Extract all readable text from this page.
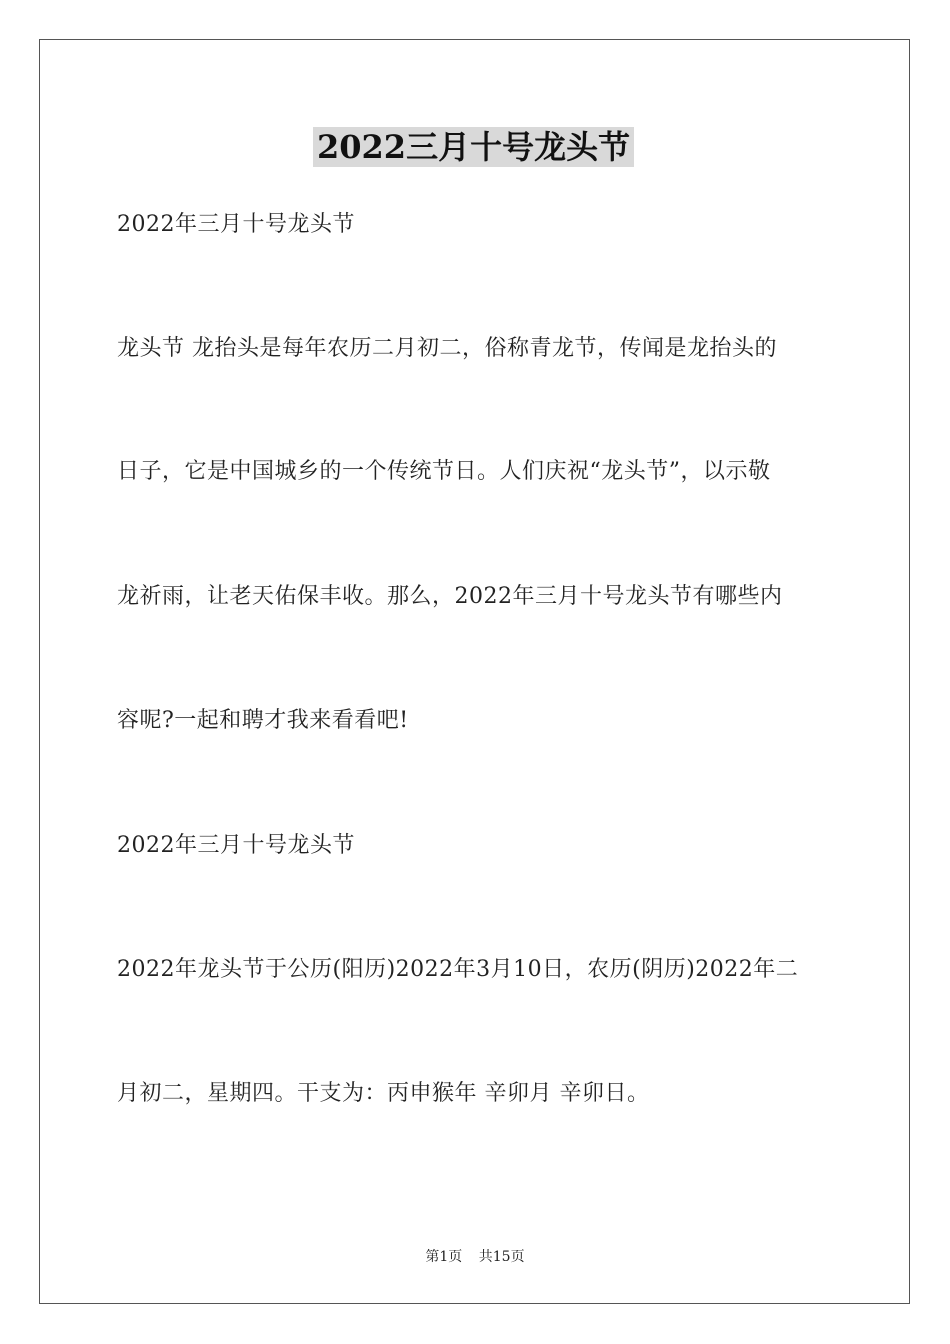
2022三月十号龙头节
2022年三月十号龙头节
龙头节 龙抬头是每年农历二月初二，俗称青龙节，传闻是龙抬头的
日子，它是中国城乡的一个传统节日。人们庆祝“龙头节”，以示敬
龙祈雨，让老天佑保丰收。那么，2022年三月十号龙头节有哪些内
容呢?一起和聘才我来看看吧!
2022年三月十号龙头节
2022年龙头节于公历(阳历)2022年3月10日，农历(阴历)2022年二
月初二，星期四。干支为：丙申猴年 辛卯月 辛卯日。
第1页 共15页
